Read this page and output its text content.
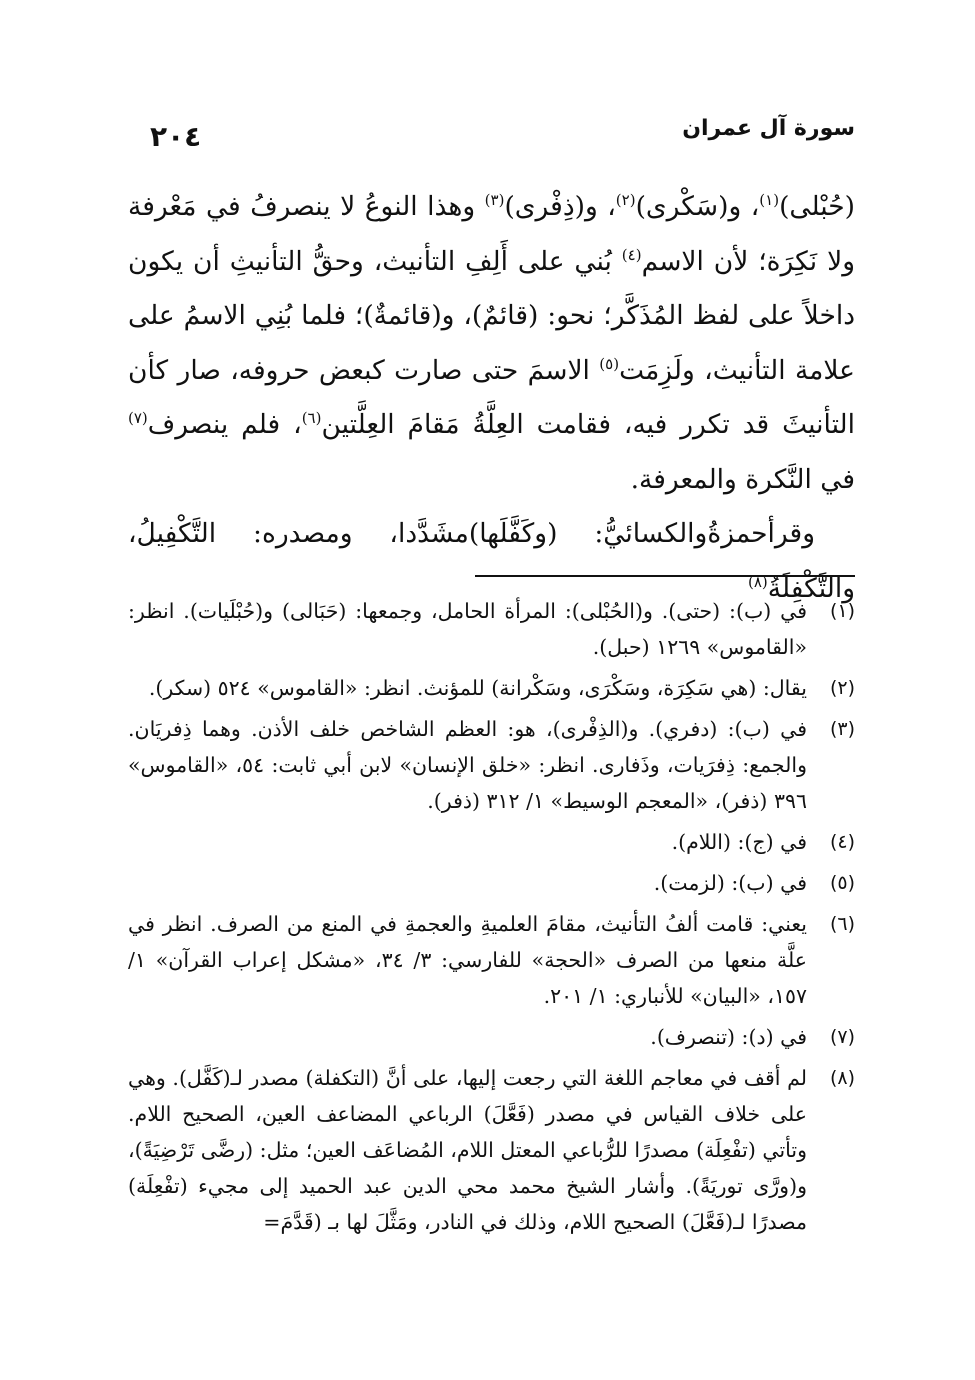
سورة آل عمران
٢٠٤

(حُبْلى)$^{(١)}$، و(سَكْرى)$^{(٢)}$، و(ذِفْرى)$^{(٣)}$ وهذا النوعُ لا ينصرفُ في مَعْرفة ولا نَكِرَة؛ لأن الاسم$^{(٤)}$ بُني على أَلِفِ التأنيث، وحقُّ التأنيثِ أن يكون داخلاً على لفظ المُذَكَّر؛ نحو: (قائمٌ)، و(قائمةٌ)؛ فلما بُنِي الاسمُ على علامة التأنيث، ولَزِمَت$^{(٥)}$ الاسمَ حتى صارت كبعض حروفه، صار كأن التأنيثَ قد تكرر فيه، فقامت العِلَّةُ مَقامَ العِلَّتين$^{(٦)}$، فلم ينصرف$^{(٧)}$ في النَّكرة والمعرفة.

وقرأحمزةُوالكسائيُّ: (وكَفَّلَها)مشَدَّدا، ومصدره: التَّكْفِيلُ، والتَّكْفِلَةُ$^{(٨)}$

(١)
في (ب): (حتى). و(الحُبْلى): المرأة الحامل، وجمعها: (حَبَالى) و(حُبْلَيات). انظر: «القاموس» ١٢٦٩ (حبل).
(٢)
يقال: (هي سَكِرَة، وسَكْرَى، وسَكْرانة) للمؤنث. انظر: «القاموس» ٥٢٤ (سكر).
(٣)
في (ب): (دفري). و(الذِفْرى)، هو: العظم الشاخص خلف الأذن. وهما ذِفريَان. والجمع: ذِفرَيات، وذَفارى. انظر: «خلق الإنسان» لابن أبي ثابت: ٥٤، «القاموس» ٣٩٦ (ذفر)، «المعجم الوسيط» ١/ ٣١٢ (ذفر).
(٤)
في (ج): (اللام).
(٥)
في (ب): (لزمت).
(٦)
يعني: قامت ألفُ التأنيث، مقامَ العلميةِ والعجمةِ في المنع من الصرف. انظر في علَّة منعها من الصرف «الحجة» للفارسي: ٣/ ٣٤، «مشكل إعراب القرآن» ١/ ١٥٧، «البيان» للأنباري: ١/ ٢٠١.
(٧)
في (د): (تنصرف).
(٨)
لم أقف في معاجم اللغة التي رجعت إليها، على أنَّ (التكفلة) مصدر لـ(كَفَّل). وهي على خلاف القياس في مصدر (فَعَّلَ) الرباعي المضاعف العين، الصحيح اللام. وتأتي (تفْعِلَة) مصدرًا للرُّباعي المعتل اللام، المُضاعَف العين؛ مثل: (رضَّى تَرْضِيَةً)، و(ورَّى توريَةً). وأشار الشيخ محمد محي الدين عبد الحميد إلى مجيء (تفْعِلَة) مصدرًا لـ(فَعَّلَ) الصحيح اللام، وذلك في النادر، ومَثَّلَ لها بـ (قَدَّمَ=
